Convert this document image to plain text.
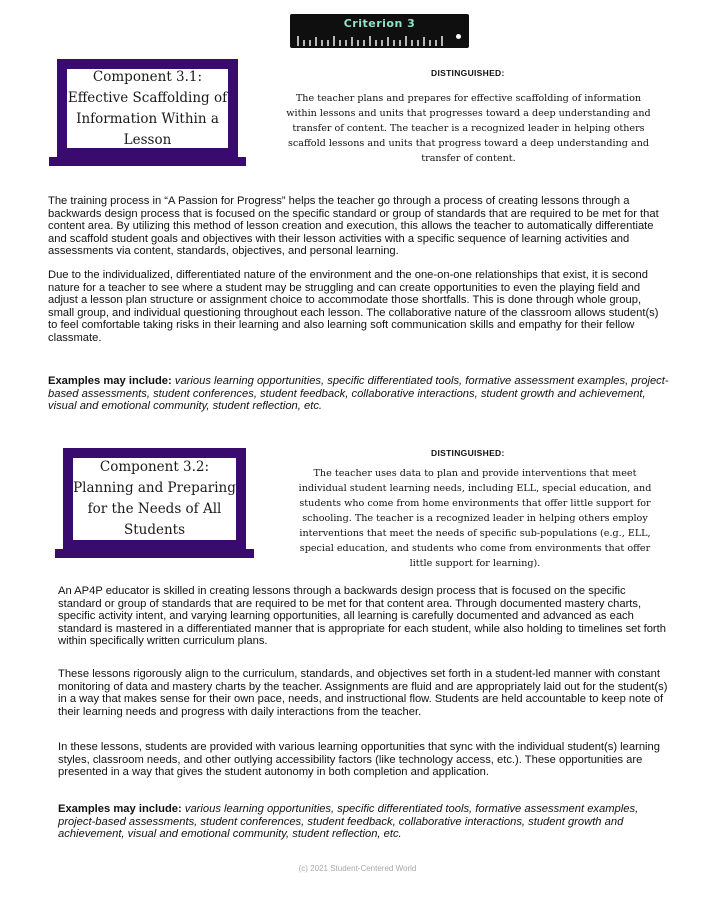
Criterion 3
Component 3.1: Effective Scaffolding of Information Within a Lesson
DISTINGUISHED:
The teacher plans and prepares for effective scaffolding of information within lessons and units that progresses toward a deep understanding and transfer of content. The teacher is a recognized leader in helping others scaffold lessons and units that progress toward a deep understanding and transfer of content.
The training process in “A Passion for Progress” helps the teacher go through a process of creating lessons through a backwards design process that is focused on the specific standard or group of standards that are required to be met for that content area. By utilizing this method of lesson creation and execution, this allows the teacher to automatically differentiate and scaffold student goals and objectives with their lesson activities with a specific sequence of learning activities and assessments via content, standards, objectives, and personal learning.
Due to the individualized, differentiated nature of the environment and the one-on-one relationships that exist, it is second nature for a teacher to see where a student may be struggling and can create opportunities to even the playing field and adjust a lesson plan structure or assignment choice to accommodate those shortfalls. This is done through whole group, small group, and individual questioning throughout each lesson. The collaborative nature of the classroom allows student(s) to feel comfortable taking risks in their learning and also learning soft communication skills and empathy for their fellow classmate.
Examples may include: various learning opportunities, specific differentiated tools, formative assessment examples, project-based assessments, student conferences, student feedback, collaborative interactions, student growth and achievement, visual and emotional community, student reflection, etc.
Component 3.2: Planning and Preparing for the Needs of All Students
DISTINGUISHED:
The teacher uses data to plan and provide interventions that meet individual student learning needs, including ELL, special education, and students who come from home environments that offer little support for schooling. The teacher is a recognized leader in helping others employ interventions that meet the needs of specific sub-populations (e.g., ELL, special education, and students who come from environments that offer little support for learning).
An AP4P educator is skilled in creating lessons through a backwards design process that is focused on the specific standard or group of standards that are required to be met for that content area. Through documented mastery charts, specific activity intent, and varying learning opportunities, all learning is carefully documented and advanced as each standard is mastered in a differentiated manner that is appropriate for each student, while also holding to timelines set forth within specifically written curriculum plans.
These lessons rigorously align to the curriculum, standards, and objectives set forth in a student-led manner with constant monitoring of data and mastery charts by the teacher. Assignments are fluid and are appropriately laid out for the student(s) in a way that makes sense for their own pace, needs, and instructional flow. Students are held accountable to keep note of their learning needs and progress with daily interactions from the teacher.
In these lessons, students are provided with various learning opportunities that sync with the individual student(s) learning styles, classroom needs, and other outlying accessibility factors (like technology access, etc.). These opportunities are presented in a way that gives the student autonomy in both completion and application.
Examples may include: various learning opportunities, specific differentiated tools, formative assessment examples, project-based assessments, student conferences, student feedback, collaborative interactions, student growth and achievement, visual and emotional community, student reflection, etc.
(c) 2021 Student-Centered World
